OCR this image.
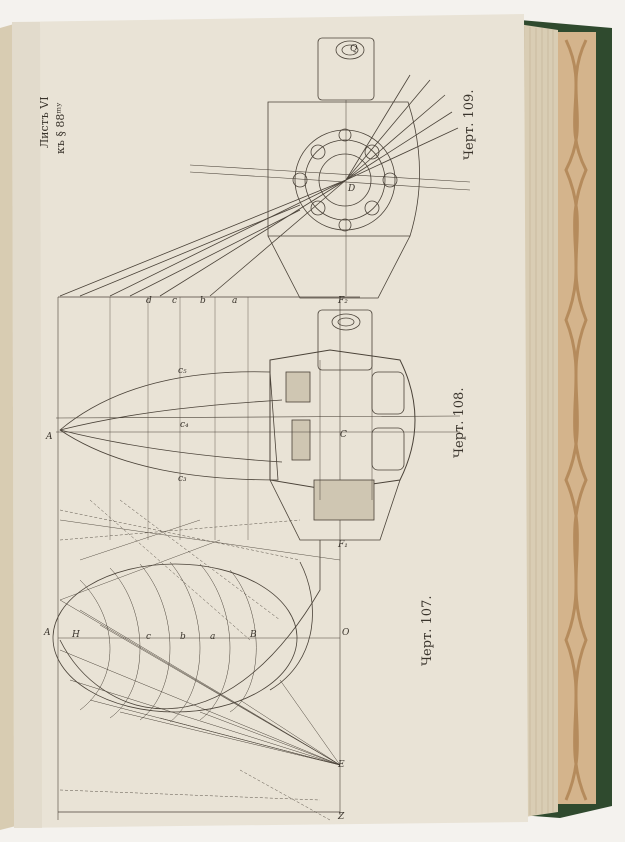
Листъ VI къ § 88ᵐʸ	Черт. 109.
Черт. 108.
Черт. 107.
Q
D
F₂
C
A
F₁
O
E
Z
A	B
c	b	a
a
b
c
d
c₅
c₄
c₃
H
